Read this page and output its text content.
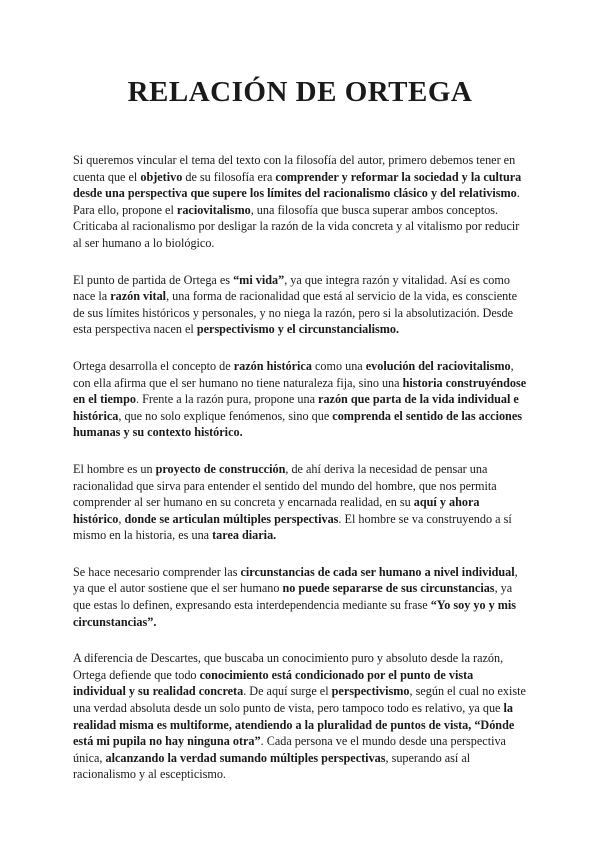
RELACIÓN DE ORTEGA

Si queremos vincular el tema del texto con la filosofía del autor, primero debemos tener en cuenta que el objetivo de su filosofía era comprender y reformar la sociedad y la cultura desde una perspectiva que supere los límites del racionalismo clásico y del relativismo. Para ello, propone el raciovitalismo, una filosofía que busca superar ambos conceptos. Criticaba al racionalismo por desligar la razón de la vida concreta y al vitalismo por reducir al ser humano a lo biológico.

El punto de partida de Ortega es “mi vida”, ya que integra razón y vitalidad. Así es como nace la razón vital, una forma de racionalidad que está al servicio de la vida, es consciente de sus límites históricos y personales, y no niega la razón, pero si la absolutización. Desde esta perspectiva nacen el perspectivismo y el circunstancialismo.

Ortega desarrolla el concepto de razón histórica como una evolución del raciovitalismo, con ella afirma que el ser humano no tiene naturaleza fija, sino una historia construyéndose en el tiempo. Frente a la razón pura, propone una razón que parta de la vida individual e histórica, que no solo explique fenómenos, sino que comprenda el sentido de las acciones humanas y su contexto histórico.

El hombre es un proyecto de construcción, de ahí deriva la necesidad de pensar una racionalidad que sirva para entender el sentido del mundo del hombre, que nos permita comprender al ser humano en su concreta y encarnada realidad, en su aquí y ahora histórico, donde se articulan múltiples perspectivas. El hombre se va construyendo a sí mismo en la historia, es una tarea diaria.

Se hace necesario comprender las circunstancias de cada ser humano a nivel individual, ya que el autor sostiene que el ser humano no puede separarse de sus circunstancias, ya que estas lo definen, expresando esta interdependencia mediante su frase “Yo soy yo y mis circunstancias”.

A diferencia de Descartes, que buscaba un conocimiento puro y absoluto desde la razón, Ortega defiende que todo conocimiento está condicionado por el punto de vista individual y su realidad concreta. De aquí surge el perspectivismo, según el cual no existe una verdad absoluta desde un solo punto de vista, pero tampoco todo es relativo, ya que la realidad misma es multiforme, atendiendo a la pluralidad de puntos de vista, “Dónde está mi pupila no hay ninguna otra”. Cada persona ve el mundo desde una perspectiva única, alcanzando la verdad sumando múltiples perspectivas, superando así al racionalismo y al escepticismo.
